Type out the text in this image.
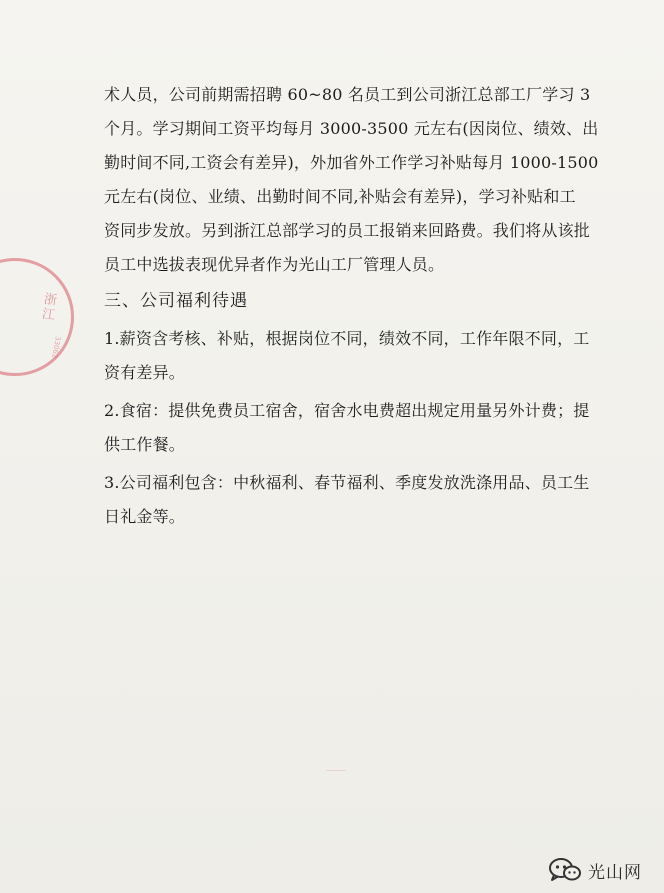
浙江
33062
术人员，公司前期需招聘 60~80 名员工到公司浙江总部工厂学习 3
个月。学习期间工资平均每月 3000-3500 元左右(因岗位、绩效、出
勤时间不同,工资会有差异)，外加省外工作学习补贴每月 1000-1500
元左右(岗位、业绩、出勤时间不同,补贴会有差异)，学习补贴和工
资同步发放。另到浙江总部学习的员工报销来回路费。我们将从该批
员工中选拔表现优异者作为光山工厂管理人员。
三、公司福利待遇
1.薪资含考核、补贴，根据岗位不同，绩效不同，工作年限不同，工
资有差异。
2.食宿：提供免费员工宿舍，宿舍水电费超出规定用量另外计费；提
供工作餐。
3.公司福利包含：中秋福利、春节福利、季度发放洗涤用品、员工生
日礼金等。
光山网
